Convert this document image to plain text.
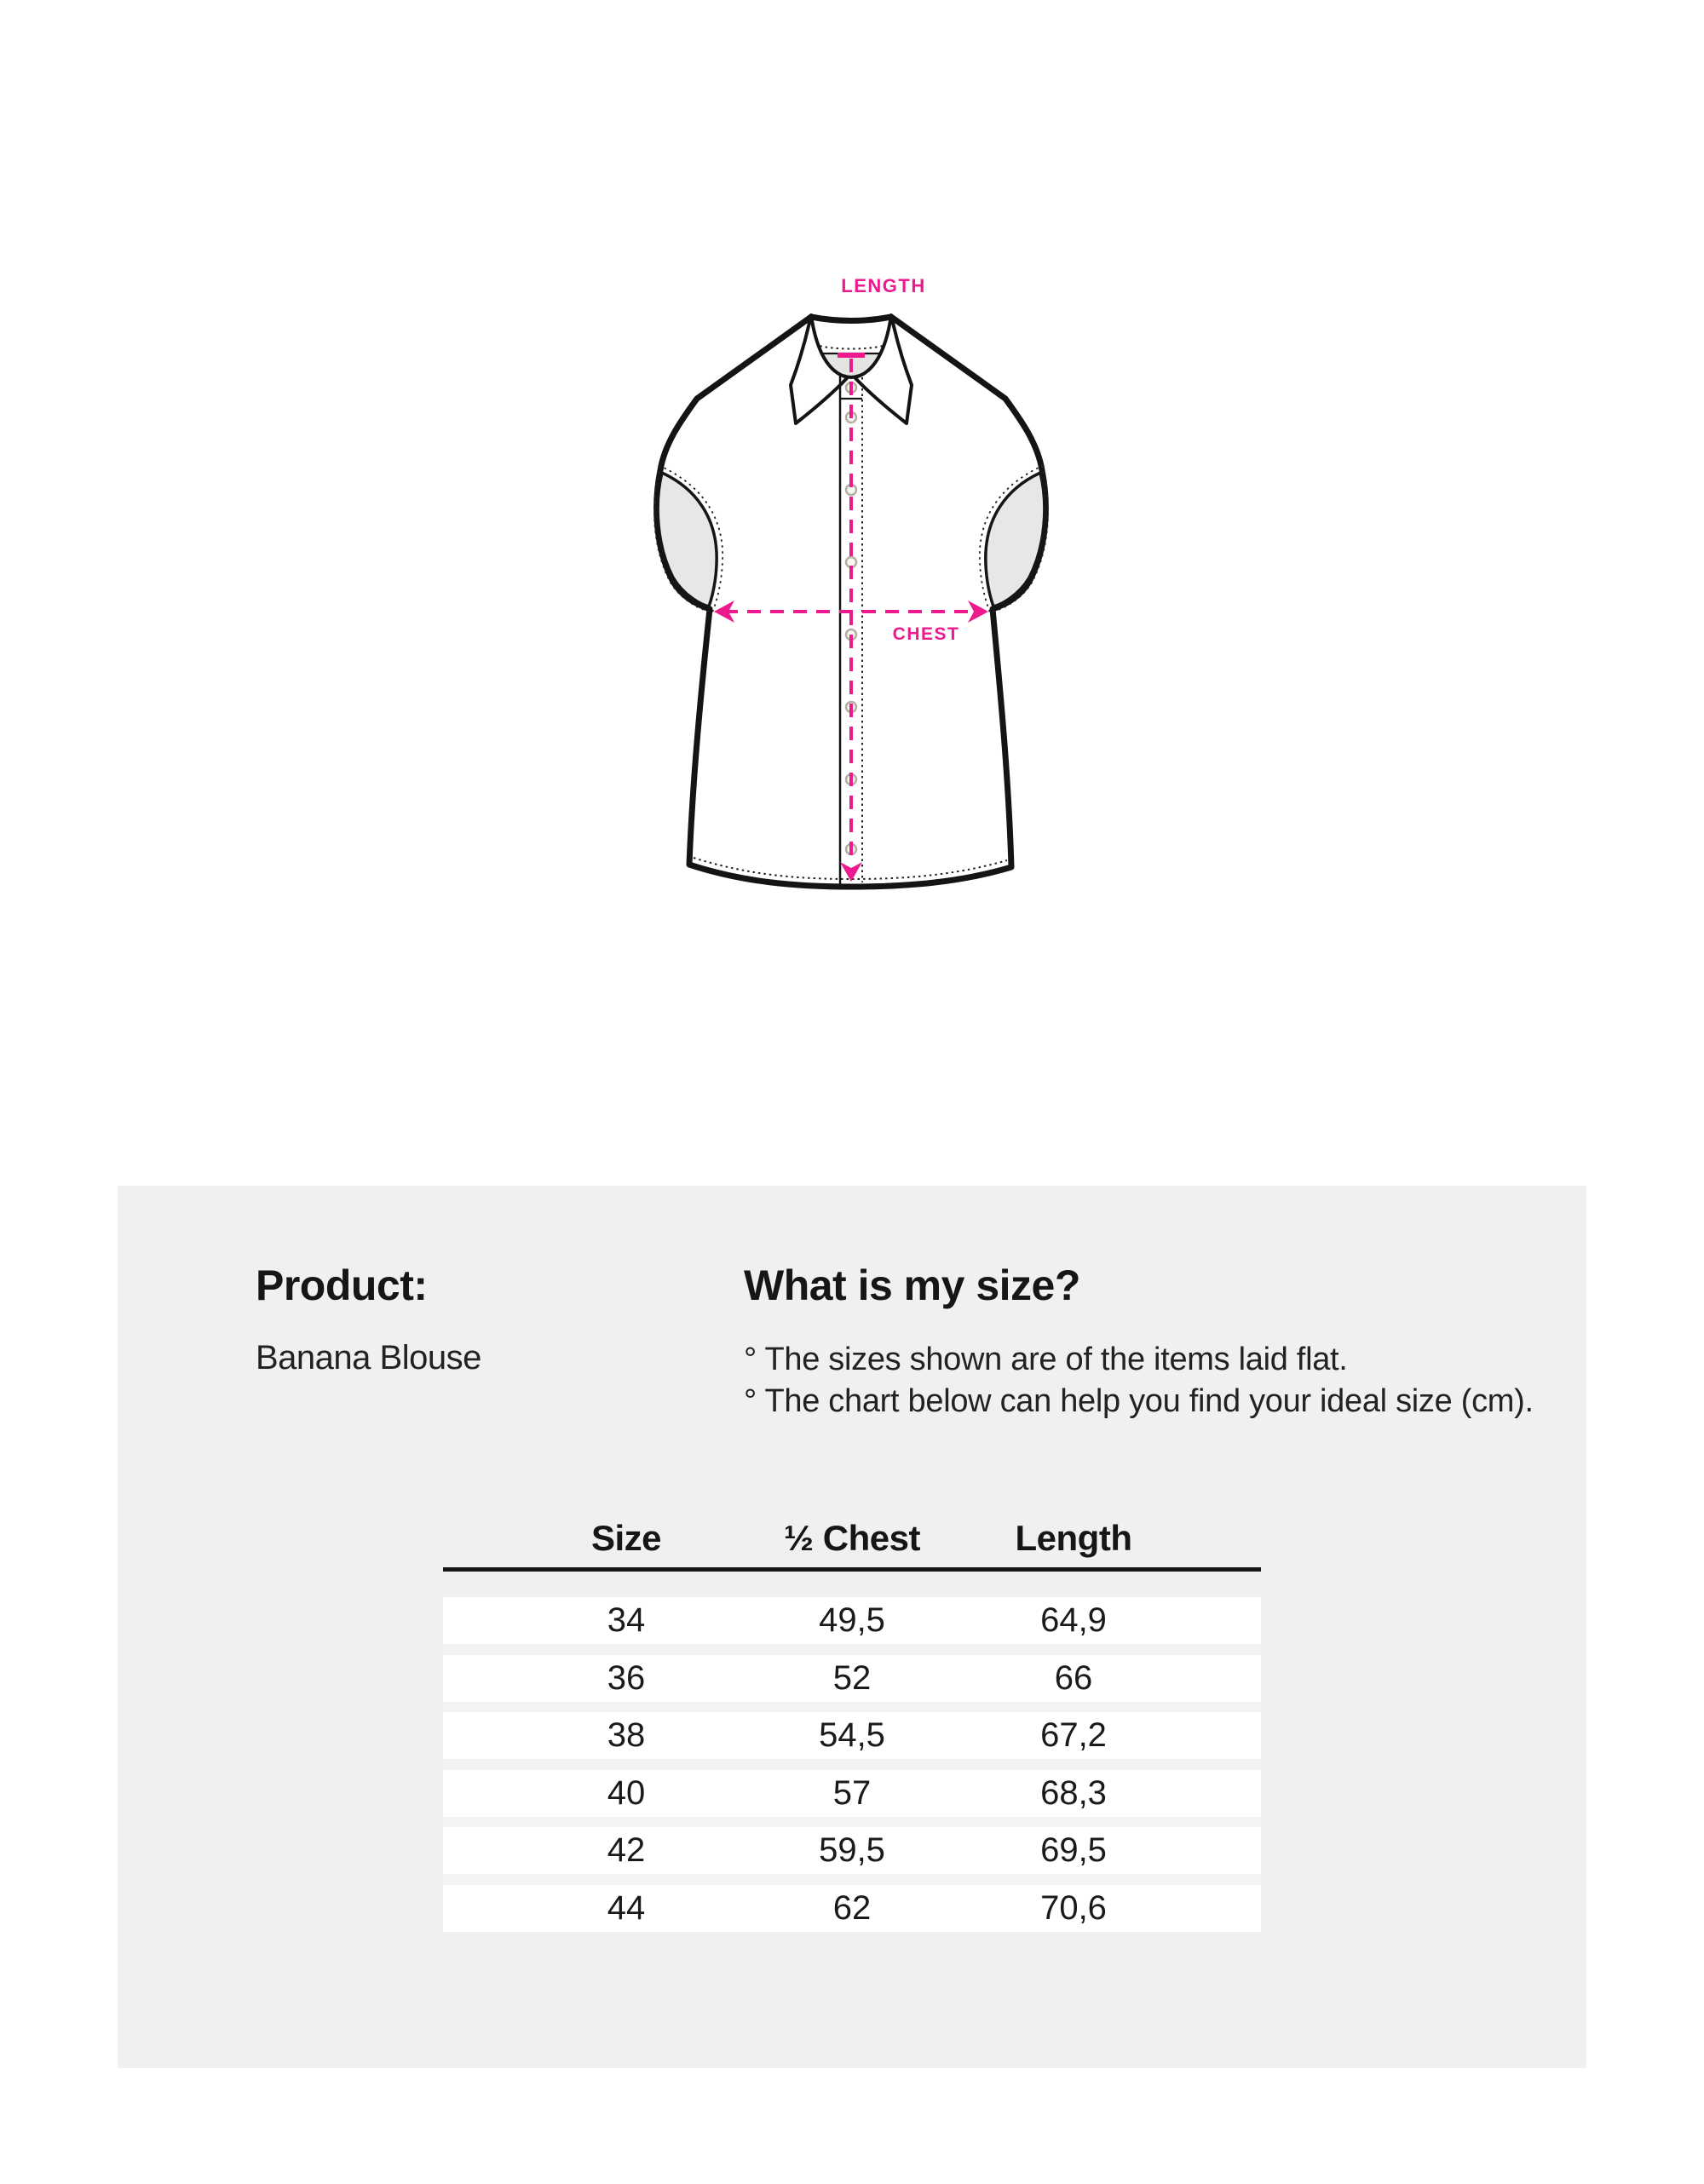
LENGTH
CHEST
Product:
Banana Blouse
What is my size?
° The sizes shown are of the items laid flat.
° The chart below can help you find your ideal size (cm).
Size	½ Chest	Length
34	49,5	64,9
36	52	66
38	54,5	67,2
40	57	68,3
42	59,5	69,5
44	62	70,6
